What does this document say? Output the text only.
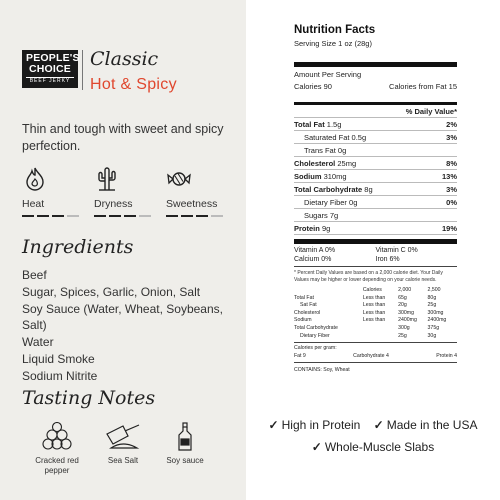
PEOPLE'S
CHOICE
BEEF JERKY
Classic
Hot & Spicy
Thin and tough with sweet and spicy perfection.
Heat	Dryness	Sweetness
Ingredients
Beef
Sugar, Spices, Garlic, Onion, Salt
Soy Sauce (Water, Wheat, Soybeans, Salt)
Water
Liquid Smoke
Sodium Nitrite
Tasting Notes
Cracked red pepper
Sea Salt	Soy sauce
Nutrition Facts
Serving Size 1 oz (28g)
Amount Per Serving
Calories 90	Calories from Fat 15
% Daily Value*
Total Fat 1.5g	2%
Saturated Fat 0.5g	3%
Trans Fat 0g
Cholesterol 25mg	8%
Sodium 310mg	13%
Total Carbohydrate 8g	3%
Dietary Fiber 0g	0%
Sugars 7g
Protein 9g	19%
Vitamin A 0%	Vitamin C 0%
Calcium 0%	Iron 6%
* Percent Daily Values are based on a 2,000 calorie diet. Your Daily Values may be higher or lower depending on your calorie needs.
	Calories	2,000	2,500
Total Fat	Less than	65g	80g
Sat Fat	Less than	20g	25g
Cholesterol	Less than	300mg	300mg
Sodium	Less than	2400mg	2400mg
Total Carbohydrate		300g	375g
Dietary Fiber		25g	30g
Calories per gram:
Fat 9	Carbohydrate 4	Protein 4
CONTAINS: Soy, Wheat
✓ High in Protein ✓ Made in the USA
✓ Whole-Muscle Slabs
